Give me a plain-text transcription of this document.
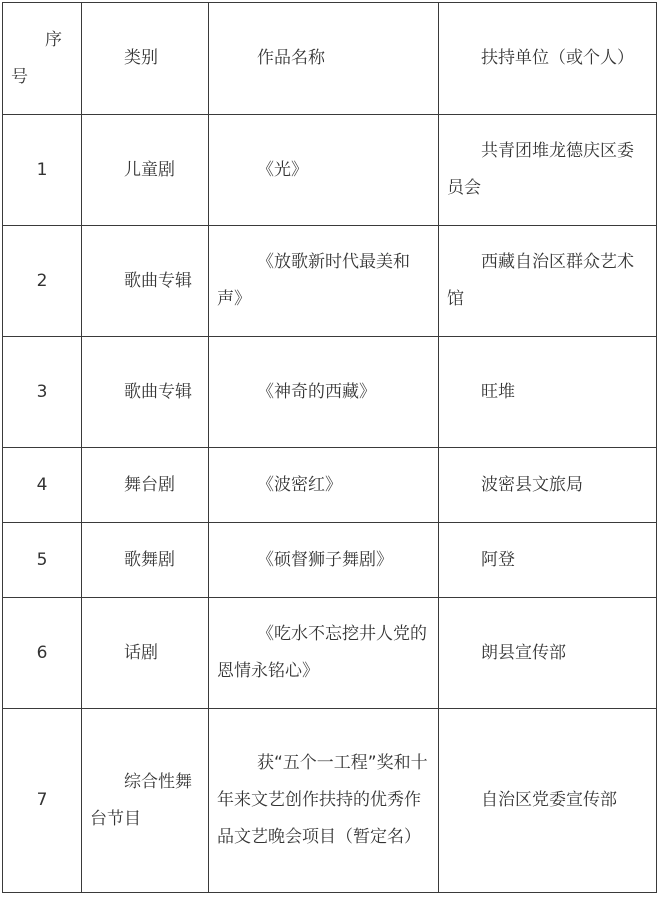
序号	类别	作品名称	扶持单位（或个人）
1	儿童剧	《光》	共青团堆龙德庆区委员会
2	歌曲专辑	《放歌新时代最美和声》	西藏自治区群众艺术馆
3	歌曲专辑	《神奇的西藏》	旺堆
4	舞台剧	《波密红》	波密县文旅局
5	歌舞剧	《硕督狮子舞剧》	阿登
6	话剧	《吃水不忘挖井人党的恩情永铭心》	朗县宣传部
7	综合性舞台节目	获“五个一工程”奖和十年来文艺创作扶持的优秀作品文艺晚会项目（暂定名）	自治区党委宣传部
